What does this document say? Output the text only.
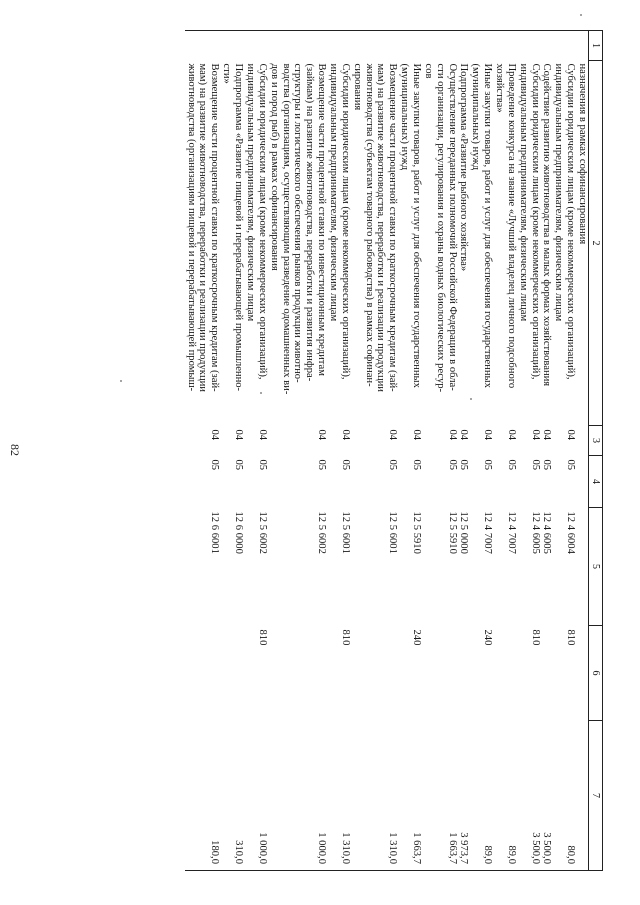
82
1	2	3	4	5	6	7

	назначения в рамках софинансирования					

	Субсидии юридическим лицам (кроме некоммерческих организаций),
индивидуальным предпринимателям, физическим лицам	04	05	12 4 6004	810	80,0

	Содействие развитию животноводства в малых формах хозяйствования	04	05	12 4 6005		3 500,0

	Субсидии юридическим лицам (кроме некоммерческих организаций),
индивидуальным предпринимателям, физическим лицам	04	05	12 4 6005	810	3 500,0

	Проведение конкурса на звание «Лучший владелец личного подсобного
хозяйства»	04	05	12 4 7007		89,0

	Иные закупки товаров, работ и услуг для обеспечения государственных
(муниципальных) нужд	04	05	12 4 7007	240	89,0

	Подпрограмма «Развитие рыбного хозяйства»	04	05	12 5 0000		3 973,7

	Осуществление переданных полномочий Российской Федерации в обла-
сти организации, регулирования и охраны водных биологических ресур-
сов	04	05	12 5 5910		1 663,7

	Иные закупки товаров, работ и услуг для обеспечения государственных
(муниципальных) нужд	04	05	12 5 5910	240	1 663,7

	Возмещение части процентной ставки по краткосрочным кредитам (зай-
мам) на развитие животноводства, переработки и реализации продукции
животноводства (субъектам товарного рыбоводства) в рамках софинан-
сирования	04	05	12 5 6001		1 310,0

	Субсидии юридическим лицам (кроме некоммерческих организаций),
индивидуальным предпринимателям, физическим лицам	04	05	12 5 6001	810	1 310,0

	Возмещение части процентной ставки по инвестиционным кредитам
(займам) на развитие животноводства, переработки и развития инфра-
структуры и логистического обеспечения рынков продукции животно-
водства (организациям, осуществляющим разведение одомашненных ви-
дов и пород рыб) в рамках софинансирования	04	05	12 5 6002		1 000,0

	Субсидии юридическим лицам (кроме некоммерческих организаций),
индивидуальным предпринимателям, физическим лицам	04	05	12 5 6002	810	1 000,0

	Подпрограмма «Развитие пищевой и перерабатывающей промышленно-
сти»	04	05	12 6 0000		310,0

	Возмещение части процентной ставки по краткосрочным кредитам (зай-
мам) на развитие животноводства, переработки и реализации продукции
животноводства (организациям пищевой и перерабатывающей промыш-	04	05	12 6 6001		180,0
